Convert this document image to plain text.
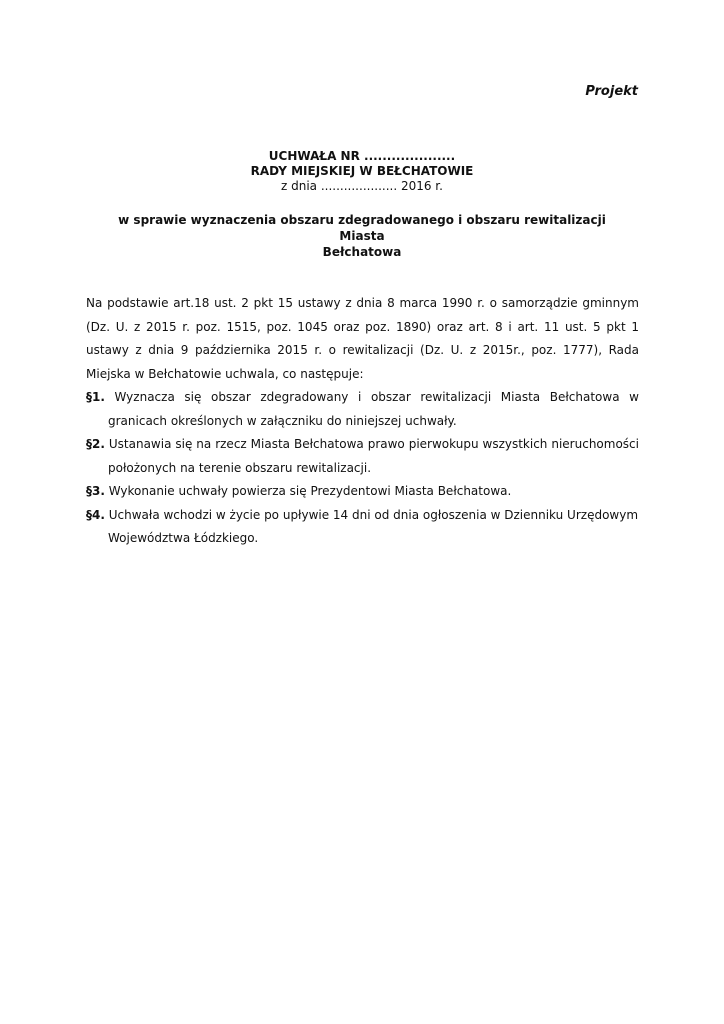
Projekt
UCHWAŁA NR ....................
RADY MIEJSKIEJ W BEŁCHATOWIE
z dnia .................... 2016 r.
w sprawie wyznaczenia obszaru zdegradowanego i obszaru rewitalizacji Miasta
Bełchatowa

Na podstawie art.18 ust. 2 pkt 15 ustawy z dnia 8 marca 1990 r. o samorządzie gminnym (Dz. U. z 2015 r. poz. 1515, poz. 1045 oraz poz. 1890) oraz art. 8 i art. 11 ust. 5 pkt 1 ustawy z dnia 9 października 2015 r. o rewitalizacji (Dz. U. z 2015r., poz. 1777), Rada Miejska w Bełchatowie uchwala, co następuje:

§1. Wyznacza się obszar zdegradowany i obszar rewitalizacji Miasta Bełchatowa w granicach określonych w załączniku do niniejszej uchwały.

§2. Ustanawia się na rzecz Miasta Bełchatowa prawo pierwokupu wszystkich nieruchomości położonych na terenie obszaru rewitalizacji.

§3. Wykonanie uchwały powierza się Prezydentowi Miasta Bełchatowa.

§4. Uchwała wchodzi w życie po upływie 14 dni od dnia ogłoszenia w Dzienniku Urzędowym Województwa Łódzkiego.
